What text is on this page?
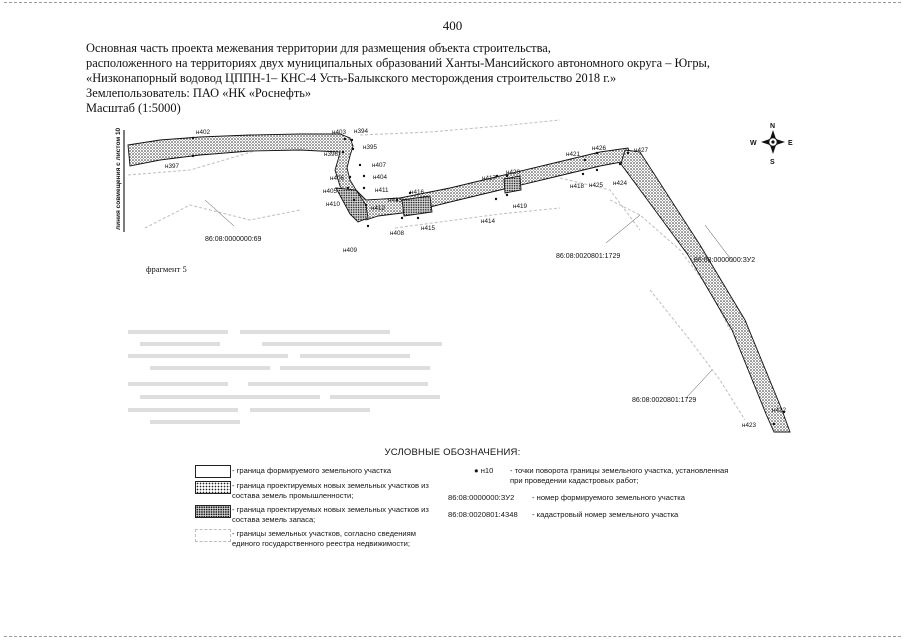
400
Основная часть проекта межевания территории для размещения объекта строительства,
расположенного на территориях двух муниципальных образований Ханты-Мансийского автономного округа – Югры,
«Низконапорный водовод ЦППН-1– КНС-4 Усть-Балыкского месторождения строительство 2018 г.»
Землепользователь: ПАО «НК «Роснефть»
Масштаб (1:5000)
линия совмещения с листом 10	н402
н397
н403 н394
н395
н396
н407
н404
н406
н405	н411
н410
н412
н413
н416
н417
н420
н419
н414
н415
н408
н409
н421
н426
н418 н425 н424
н427
н422
н423
86:08:0000000:69
86:08:0020801:1729
86:08:0000000:ЗУ2
86:08:0020801:1729
фрагмент 5
N
S
E
W
УСЛОВНЫЕ ОБОЗНАЧЕНИЯ:
- граница формируемого земельного участка
- граница проектируемых новых земельных участков из состава земель промышленности;
- граница проектируемых новых земельных участков из состава земель запаса;
- границы земельных участков, согласно сведениям единого государственного реестра недвижимости;
● н10 - точки поворота границы земельного участка, установленная при проведении кадастровых работ;
86:08:0000000:ЗУ2 - номер формируемого земельного участка
86:08:0020801:4348 - кадастровый номер земельного участка
